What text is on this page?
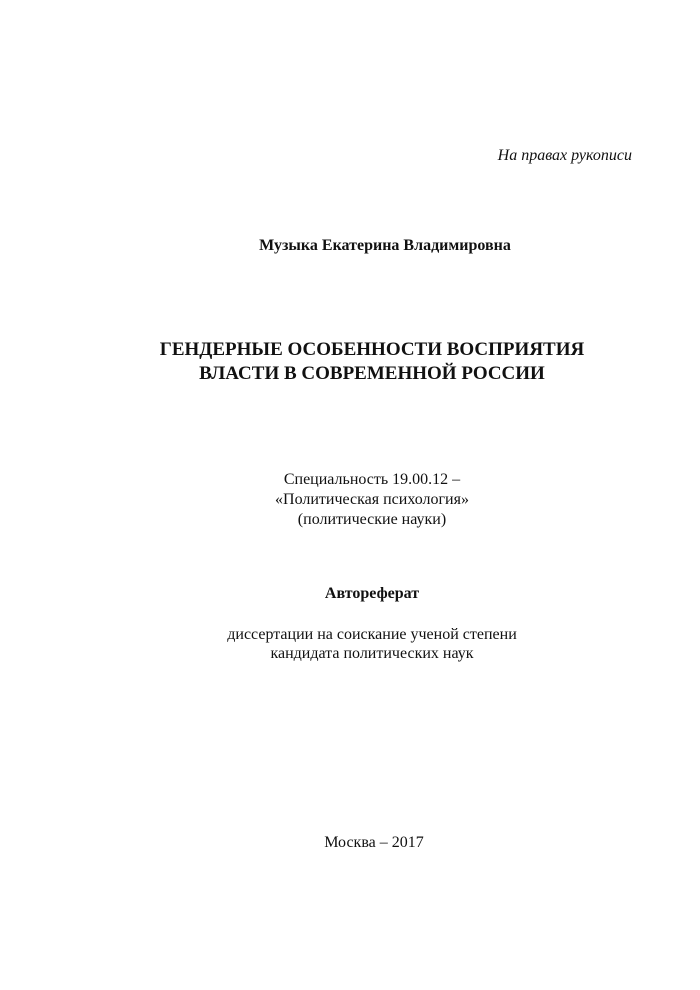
На правах рукописи
Музыка Екатерина Владимировна
ГЕНДЕРНЫЕ ОСОБЕННОСТИ ВОСПРИЯТИЯ
ВЛАСТИ В СОВРЕМЕННОЙ РОССИИ
Специальность 19.00.12 –
«Политическая психология»
(политические науки)
Автореферат
диссертации на соискание ученой степени
кандидата политических наук
Москва – 2017
